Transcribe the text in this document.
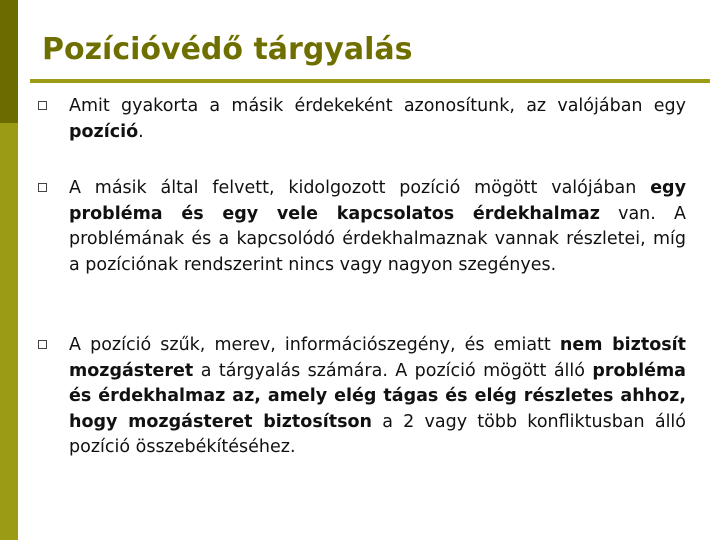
Pozícióvédő tárgyalás
Amit gyakorta a másik érdekeként azonosítunk, az valójában egy pozíció.
A másik által felvett, kidolgozott pozíció mögött valójában egy probléma és egy vele kapcsolatos érdekhalmaz van. A problémának és a kapcsolódó érdekhalmaznak vannak részletei, míg a pozíciónak rendszerint nincs vagy nagyon szegényes.
A pozíció szűk, merev, információszegény, és emiatt nem biztosít mozgásteret a tárgyalás számára. A pozíció mögött álló probléma és érdekhalmaz az, amely elég tágas és elég részletes ahhoz, hogy mozgásteret biztosítson a 2 vagy több konfliktusban álló pozíció összebékítéséhez.
